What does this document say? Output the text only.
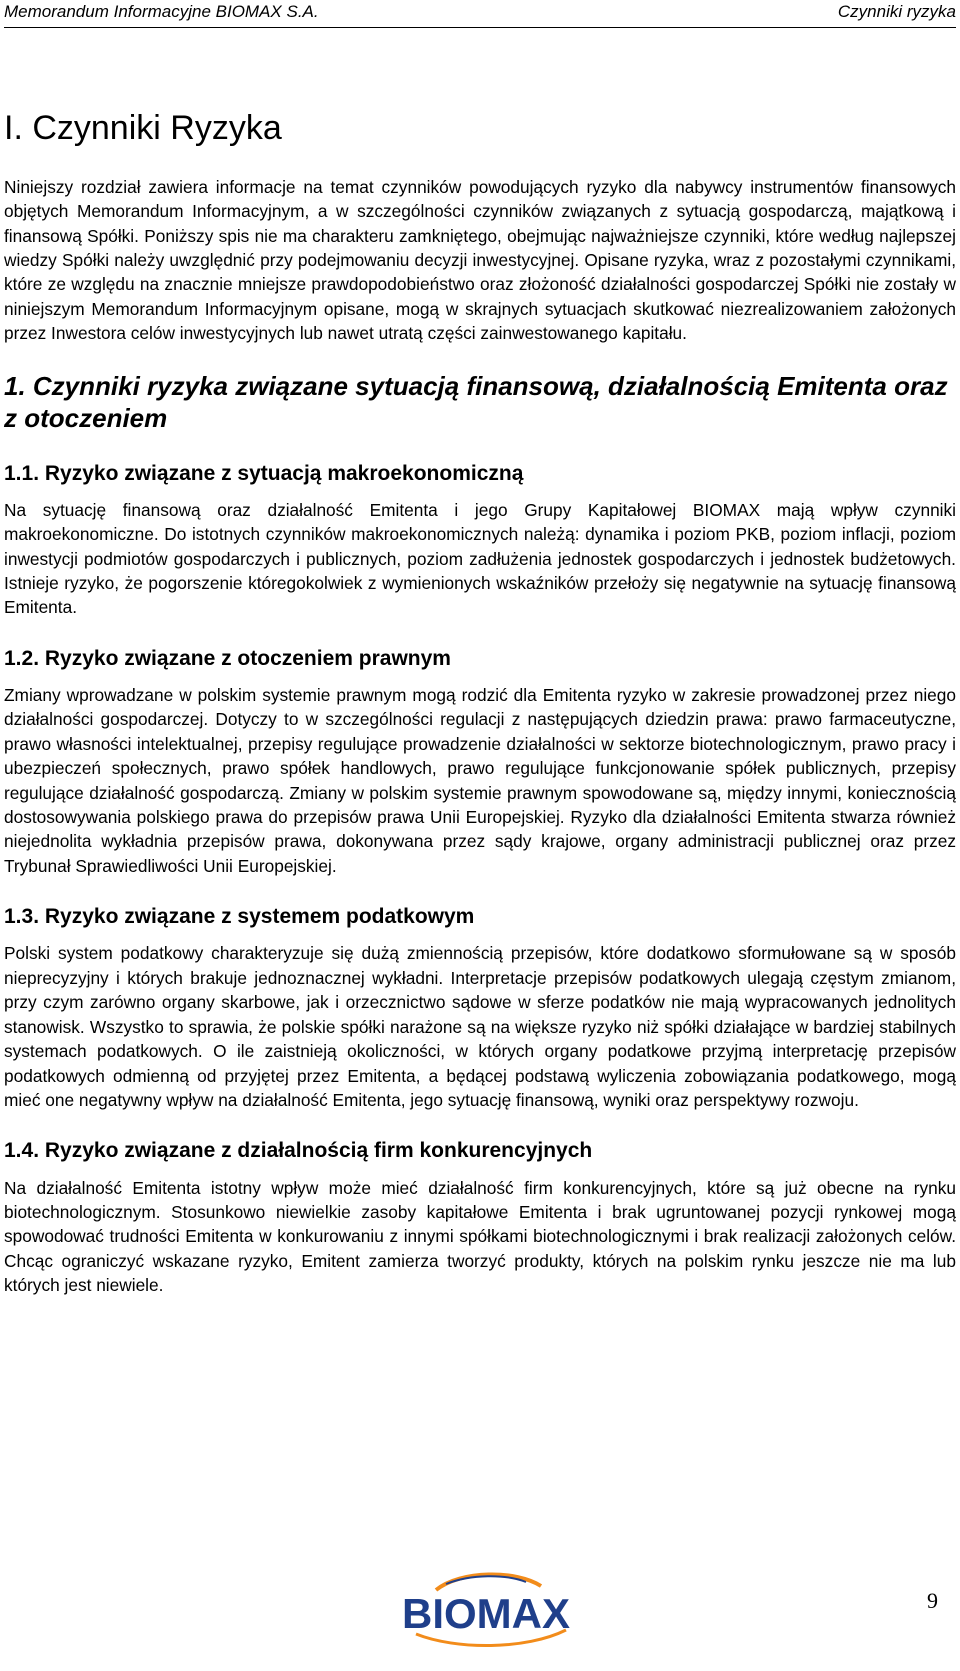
Memorandum Informacyjne BIOMAX S.A.	Czynniki ryzyka
I. Czynniki Ryzyka

Niniejszy rozdział zawiera informacje na temat czynników powodujących ryzyko dla nabywcy instrumentów finansowych objętych Memorandum Informacyjnym, a w szczególności czynników związanych z sytuacją gospodarczą, majątkową i finansową Spółki. Poniższy spis nie ma charakteru zamkniętego, obejmując najważniejsze czynniki, które według najlepszej wiedzy Spółki należy uwzględnić przy podejmowaniu decyzji inwestycyjnej. Opisane ryzyka, wraz z pozostałymi czynnikami, które ze względu na znacznie mniejsze prawdopodobieństwo oraz złożoność działalności gospodarczej Spółki nie zostały w niniejszym Memorandum Informacyjnym opisane, mogą w skrajnych sytuacjach skutkować niezrealizowaniem założonych przez Inwestora celów inwestycyjnych lub nawet utratą części zainwestowanego kapitału.

1. Czynniki ryzyka związane sytuacją finansową, działalnością Emitenta oraz z otoczeniem
1.1. Ryzyko związane z sytuacją makroekonomiczną

Na sytuację finansową oraz działalność Emitenta i jego Grupy Kapitałowej BIOMAX mają wpływ czynniki makroekonomiczne. Do istotnych czynników makroekonomicznych należą: dynamika i poziom PKB, poziom inflacji, poziom inwestycji podmiotów gospodarczych i publicznych, poziom zadłużenia jednostek gospodarczych i jednostek budżetowych. Istnieje ryzyko, że pogorszenie któregokolwiek z wymienionych wskaźników przełoży się negatywnie na sytuację finansową Emitenta.

1.2. Ryzyko związane z otoczeniem prawnym

Zmiany wprowadzane w polskim systemie prawnym mogą rodzić dla Emitenta ryzyko w zakresie prowadzonej przez niego działalności gospodarczej. Dotyczy to w szczególności regulacji z następujących dziedzin prawa: prawo farmaceutyczne, prawo własności intelektualnej, przepisy regulujące prowadzenie działalności w sektorze biotechnologicznym, prawo pracy i ubezpieczeń społecznych, prawo spółek handlowych, prawo regulujące funkcjonowanie spółek publicznych, przepisy regulujące działalność gospodarczą. Zmiany w polskim systemie prawnym spowodowane są, między innymi, koniecznością dostosowywania polskiego prawa do przepisów prawa Unii Europejskiej. Ryzyko dla działalności Emitenta stwarza również niejednolita wykładnia przepisów prawa, dokonywana przez sądy krajowe, organy administracji publicznej oraz przez Trybunał Sprawiedliwości Unii Europejskiej.

1.3. Ryzyko związane z systemem podatkowym

Polski system podatkowy charakteryzuje się dużą zmiennością przepisów, które dodatkowo sformułowane są w sposób nieprecyzyjny i których brakuje jednoznacznej wykładni. Interpretacje przepisów podatkowych ulegają częstym zmianom, przy czym zarówno organy skarbowe, jak i orzecznictwo sądowe w sferze podatków nie mają wypracowanych jednolitych stanowisk. Wszystko to sprawia, że polskie spółki narażone są na większe ryzyko niż spółki działające w bardziej stabilnych systemach podatkowych. O ile zaistnieją okoliczności, w których organy podatkowe przyjmą interpretację przepisów podatkowych odmienną od przyjętej przez Emitenta, a będącej podstawą wyliczenia zobowiązania podatkowego, mogą mieć one negatywny wpływ na działalność Emitenta, jego sytuację finansową, wyniki oraz perspektywy rozwoju.

1.4. Ryzyko związane z działalnością firm konkurencyjnych

Na działalność Emitenta istotny wpływ może mieć działalność firm konkurencyjnych, które są już obecne na rynku biotechnologicznym. Stosunkowo niewielkie zasoby kapitałowe Emitenta i brak ugruntowanej pozycji rynkowej mogą spowodować trudności Emitenta w konkurowaniu z innymi spółkami biotechnologicznymi i brak realizacji założonych celów. Chcąc ograniczyć wskazane ryzyko, Emitent zamierza tworzyć produkty, których na polskim rynku jeszcze nie ma lub których jest niewiele.

BIOMAX	9
